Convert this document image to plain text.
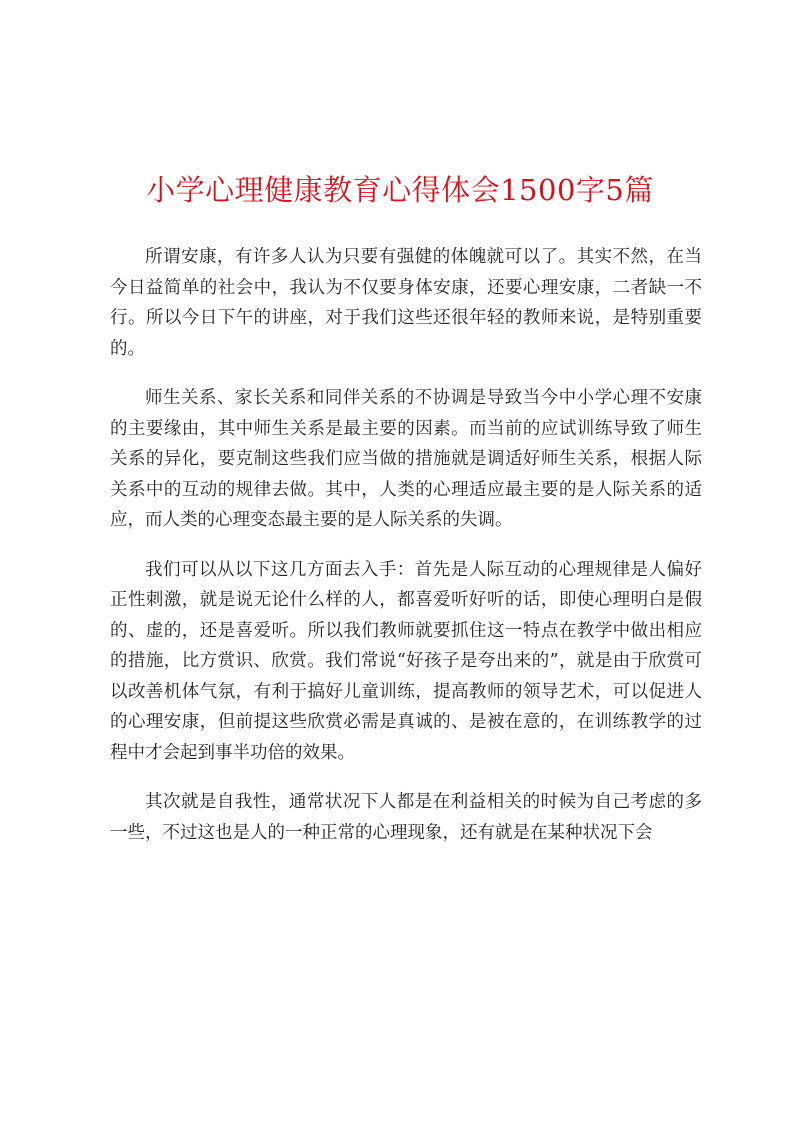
小学心理健康教育心得体会1500字5篇

所谓安康，有许多人认为只要有强健的体魄就可以了。其实不然，在当今日益简单的社会中，我认为不仅要身体安康，还要心理安康，二者缺一不行。所以今日下午的讲座，对于我们这些还很年轻的教师来说，是特别重要的。

师生关系、家长关系和同伴关系的不协调是导致当今中小学心理不安康的主要缘由，其中师生关系是最主要的因素。而当前的应试训练导致了师生关系的异化，要克制这些我们应当做的措施就是调适好师生关系，根据人际关系中的互动的规律去做。其中，人类的心理适应最主要的是人际关系的适应，而人类的心理变态最主要的是人际关系的失调。

我们可以从以下这几方面去入手：首先是人际互动的心理规律是人偏好正性刺激，就是说无论什么样的人，都喜爱听好听的话，即使心理明白是假的、虚的，还是喜爱听。所以我们教师就要抓住这一特点在教学中做出相应的措施，比方赏识、欣赏。我们常说“好孩子是夸出来的”，就是由于欣赏可以改善机体气氛，有利于搞好儿童训练，提高教师的领导艺术，可以促进人的心理安康，但前提这些欣赏必需是真诚的、是被在意的，在训练教学的过程中才会起到事半功倍的效果。

其次就是自我性，通常状况下人都是在利益相关的时候为自己考虑的多一些，不过这也是人的一种正常的心理现象，还有就是在某种状况下会
